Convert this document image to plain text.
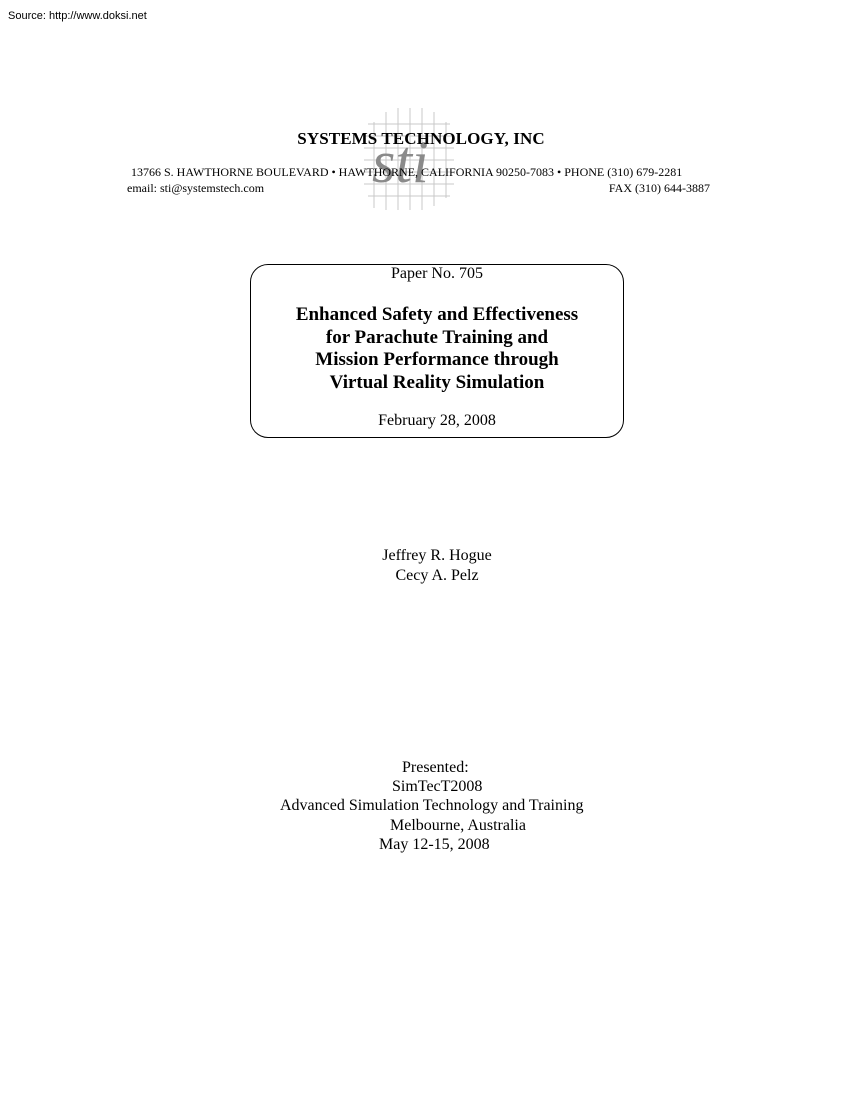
Source: http://www.doksi.net
sti
SYSTEMS TECHNOLOGY, INC
13766 S. HAWTHORNE BOULEVARD • HAWTHORNE, CALIFORNIA 90250-7083 • PHONE (310) 679-2281
email: sti@systemstech.com	FAX (310) 644-3887
Paper No. 705
Enhanced Safety and Effectiveness
for Parachute Training and
Mission Performance through
Virtual Reality Simulation
February 28, 2008
Jeffrey R. Hogue
Cecy A. Pelz
Presented:
SimTecT2008
Advanced Simulation Technology and Training
Melbourne, Australia
May 12-15, 2008
